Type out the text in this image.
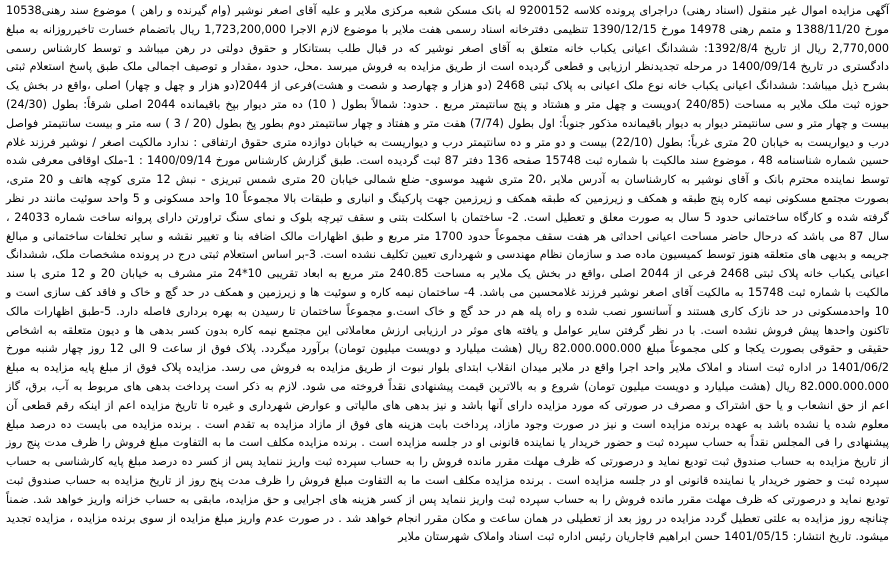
آگهی مزایده اموال غیر منقول (اسناد رهنی) دراجرای پرونده کلاسه 9200152 له بانک مسکن شعبه مرکزی ملایر و علیه آقای اصغر نوشیر (وام گیرنده و راهن ) موضوع سند رهنی10538 مورخ 1388/11/20 و متمم رهنی 14978 مورخ 1390/12/15 تنظیمی دفترخانه اسناد رسمی هفت ملایر با موضوع لازم الاجرا 1,723,200,000 ریال باتضمام خسارت تاخیرروزانه به مبلغ 2,770,000 ریال از تاریخ 1392/8/4: ششدانگ اعیانی یکباب خانه متعلق به آقای اصغر نوشیر که در قبال طلب بستانکار و حقوق دولتی در رهن میباشد و توسط کارشناس رسمی دادگستری در تاریخ 1400/09/14 در مرحله تجدیدنظر ارزیابی و قطعی گردیده است از طریق مزایده به فروش میرسد .محل، حدود ،مقدار و توصیف اجمالی ملک طبق پاسخ استعلام ثبتی بشرح ذیل میباشد: ششدانگ اعیانی یکباب خانه نوع ملک اعیانی به پلاک ثبتی 2468 (دو هزار و چهارصد و شصت و هشت)فرعی از 2044(دو هزار و چهل و چهار) اصلی ،واقع در بخش یک حوزه ثبت ملک ملایر به مساحت (240/85 )دویست و چهل متر و هشتاد و پنج سانتیمتر مربع . حدود: شمالاً بطول ( 10) ده متر دیوار بپخ باقیمانده 2044 اصلی شرقاً: بطول (24/30) بیست و چهار متر و سی سانتیمتر دیوار به دیوار باقیمانده مذکور جنوباً: اول بطول (7/74) هفت متر و هفتاد و چهار سانتیمتر دوم بطور پخ بطول (20 / 3 ) سه متر و بیست سانتیمتر فواصل درب و دیواریست به خیابان 20 متری غرباً: بطول (22/10) بیست و دو متر و ده سانتیمتر درب و دیواریست به خیابان دوازده متری حقوق ارتفاقی : ندارد مالکیت اصغر / نوشیر فرزند غلام حسین شماره شناسنامه 48 ، موضوع سند مالکیت با شماره ثبت 15748 صفحه 136 دفتر 87 ثبت گردیده است. طبق گزارش کارشناس مورخ 1400/09/14 : 1-ملک اوقافی معرفی شده توسط نماینده محترم بانک و آقای نوشیر به کارشناسان به آدرس ملایر ،20 متری شهید موسوی- ضلع شمالی خیابان 20 متری شمس تبریزی - نبش 12 متری کوچه هاتف و 20 متری، بصورت مجتمع مسکونی نیمه کاره پنج طبقه و همکف و زیرزمین که طبقه همکف و زیرزمین جهت پارکینگ و انباری و طبقات بالا مجموعاً 10 واحد مسکونی و 5 واحد سوئیت مانند در نظر گرفته شده و کارگاه ساختمانی حدود 5 سال به صورت معلق و تعطیل است. 2- ساختمان با اسکلت بتنی و سقف تیرچه بلوک و نمای سنگ تراورتن دارای پروانه ساخت شماره 24033 ، سال 87 می باشد که درحال حاضر مساحت اعیانی احداثی هر هفت سقف مجموعاً حدود 1700 متر مربع و طبق اظهارات مالک اضافه بنا و تغییر نقشه و سایر تخلفات ساختمانی و مبالغ جریمه و بدیهی های متعلقه هنوز توسط کمیسیون ماده صد و سازمان نظام مهندسی و شهرداری تعیین تکلیف نشده است. 3-بر اساس استعلام ثبتی درج در پرونده مشخصات ملک، ششدانگ اعیانی یکباب خانه پلاک ثبتی 2468 فرعی از 2044 اصلی ،واقع در بخش یک ملایر به مساحت 240.85 متر مربع به ابعاد تقریبی 10*24 متر مشرف به خیابان 20 و 12 متری با سند مالکیت با شماره ثبت 15748 به مالکیت آقای اصغر نوشیر فرزند غلامحسین می باشد. 4- ساختمان نیمه کاره و سوئیت ها و زیرزمین و همکف در حد گچ و خاک و فاقد کف سازی است و 10 واحدمسکونی در حد نازک کاری هستند و آسانسور نصب شده و راه پله هم در حد گچ و خاک است.و مجموعاً ساختمان تا رسیدن به بهره برداری فاصله دارد. 5-طبق اظهارات مالک تاکنون واحدها پیش فروش نشده است. با در نظر گرفتن سایر عوامل و یافته های موثر در ارزیابی ارزش معاملاتی این مجتمع نیمه کاره بدون کسر بدهی ها و دیون متعلقه به اشخاص حقیقی و حقوقی بصورت یکجا و کلی مجموعاً مبلغ 82.000.000.000 ریال (هشت میلیارد و دویست میلیون تومان) برآورد میگردد. پلاک فوق از ساعت 9 الی 12 روز چهار شنبه مورخ 1401/06/2 در اداره ثبت اسناد و املاک ملایر واحد اجرا واقع در ملایر میدان انقلاب ابتدای بلوار نبوت از طریق مزایده به فروش می رسد. مزایده پلاک فوق از مبلغ پایه مزایده به مبلغ 82.000.000.000 ریال (هشت میلیارد و دویست میلیون تومان) شروع و به بالاترین قیمت پیشنهادی نقداً فروخته می شود. لازم به ذکر است پرداخت بدهی های مربوط به آب، برق، گاز اعم از حق انشعاب و یا حق اشتراک و مصرف در صورتی که مورد مزایده دارای آنها باشد و نیز بدهی های مالیاتی و عوارض شهرداری و غیره تا تاریخ مزایده اعم از اینکه رقم قطعی آن معلوم شده یا نشده باشد به عهده برنده مزایده است و نیز در صورت وجود مازاد، پرداخت بابت هزینه های فوق از مازاد مزایده به تقدم است . برنده مزایده می بایست ده درصد مبلغ پیشنهادی را فی المجلس نقداً به حساب سپرده ثبت و حضور خریدار یا نماینده قانونی او در جلسه مزایده است . برنده مزایده مکلف است ما به التفاوت مبلغ فروش را ظرف مدت پنج روز از تاریخ مزایده به حساب صندوق ثبت تودیع نماید و درصورتی که ظرف مهلت مقرر مانده فروش را به حساب سپرده ثبت واریز ننماید پس از کسر ده درصد مبلغ پایه کارشناسی به حساب سپرده ثبت و حضور خریدار یا نماینده قانونی او در جلسه مزایده است . برنده مزایده مکلف است ما به التفاوت مبلغ فروش را ظرف مدت پنج روز از تاریخ مزایده به حساب صندوق ثبت تودیع نماید و درصورتی که ظرف مهلت مقرر مانده فروش را به حساب سپرده ثبت واریز ننماید پس از کسر هزینه های اجرایی و حق مزایده، مابقی به حساب خزانه واریز خواهد شد. ضمناً چنانچه روز مزایده به علتی تعطیل گردد مزایده در روز بعد از تعطیلی در همان ساعت و مکان مقرر انجام خواهد شد . در صورت عدم واریز مبلغ مزایده از سوی برنده مزایده ، مزایده تجدید میشود. تاریخ انتشار: 1401/05/15 حسن ابراهیم قاجاریان رئیس اداره ثبت اسناد واملاک شهرستان ملایر
